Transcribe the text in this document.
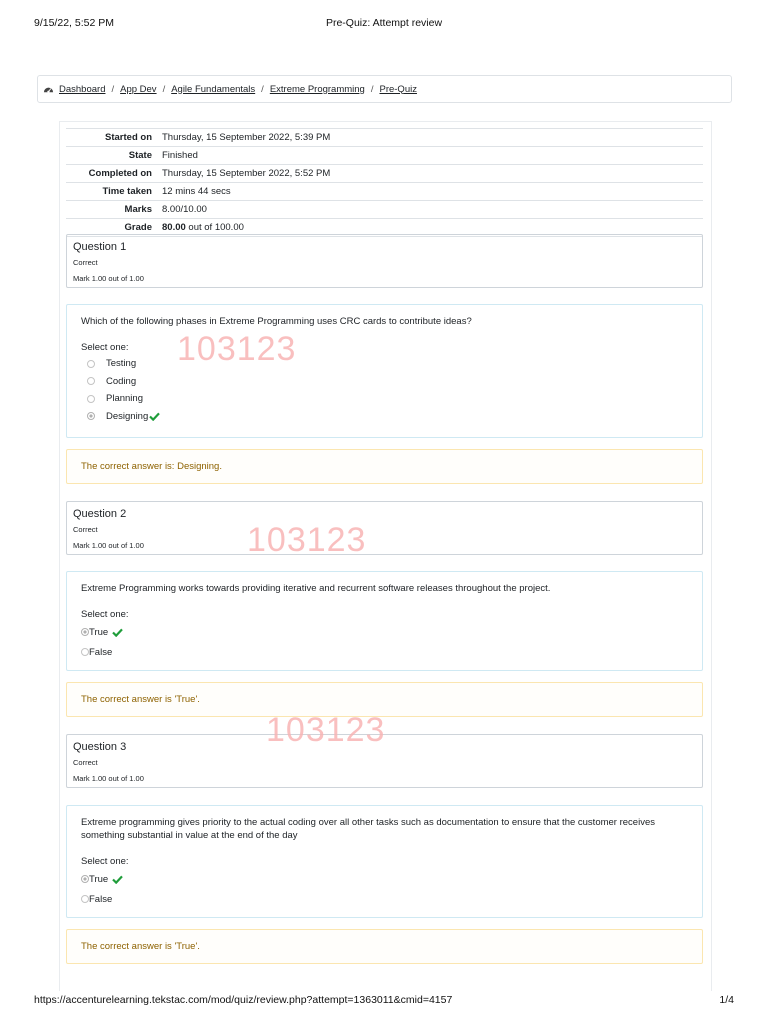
9/15/22, 5:52 PM	Pre-Quiz: Attempt review
Dashboard / App Dev / Agile Fundamentals / Extreme Programming / Pre-Quiz
Started on	Thursday, 15 September 2022, 5:39 PM
State	Finished
Completed on	Thursday, 15 September 2022, 5:52 PM
Time taken	12 mins 44 secs
Marks	8.00/10.00
Grade	80.00 out of 100.00
Question 1
Correct
Mark 1.00 out of 1.00
Which of the following phases in Extreme Programming uses CRC cards to contribute ideas?
Select one:
Testing
Coding
Planning
Designing
The correct answer is: Designing.
Question 2
Correct
Mark 1.00 out of 1.00
Extreme Programming works towards providing iterative and recurrent software releases throughout the project.
Select one:
True
False
The correct answer is 'True'.
Question 3
Correct
Mark 1.00 out of 1.00
Extreme programming gives priority to the actual coding over all other tasks such as documentation to ensure that the customer receives something substantial in value at the end of the day
Select one:
True
False
The correct answer is 'True'.
103123
103123
103123
https://accenturelearning.tekstac.com/mod/quiz/review.php?attempt=1363011&cmid=4157	1/4
